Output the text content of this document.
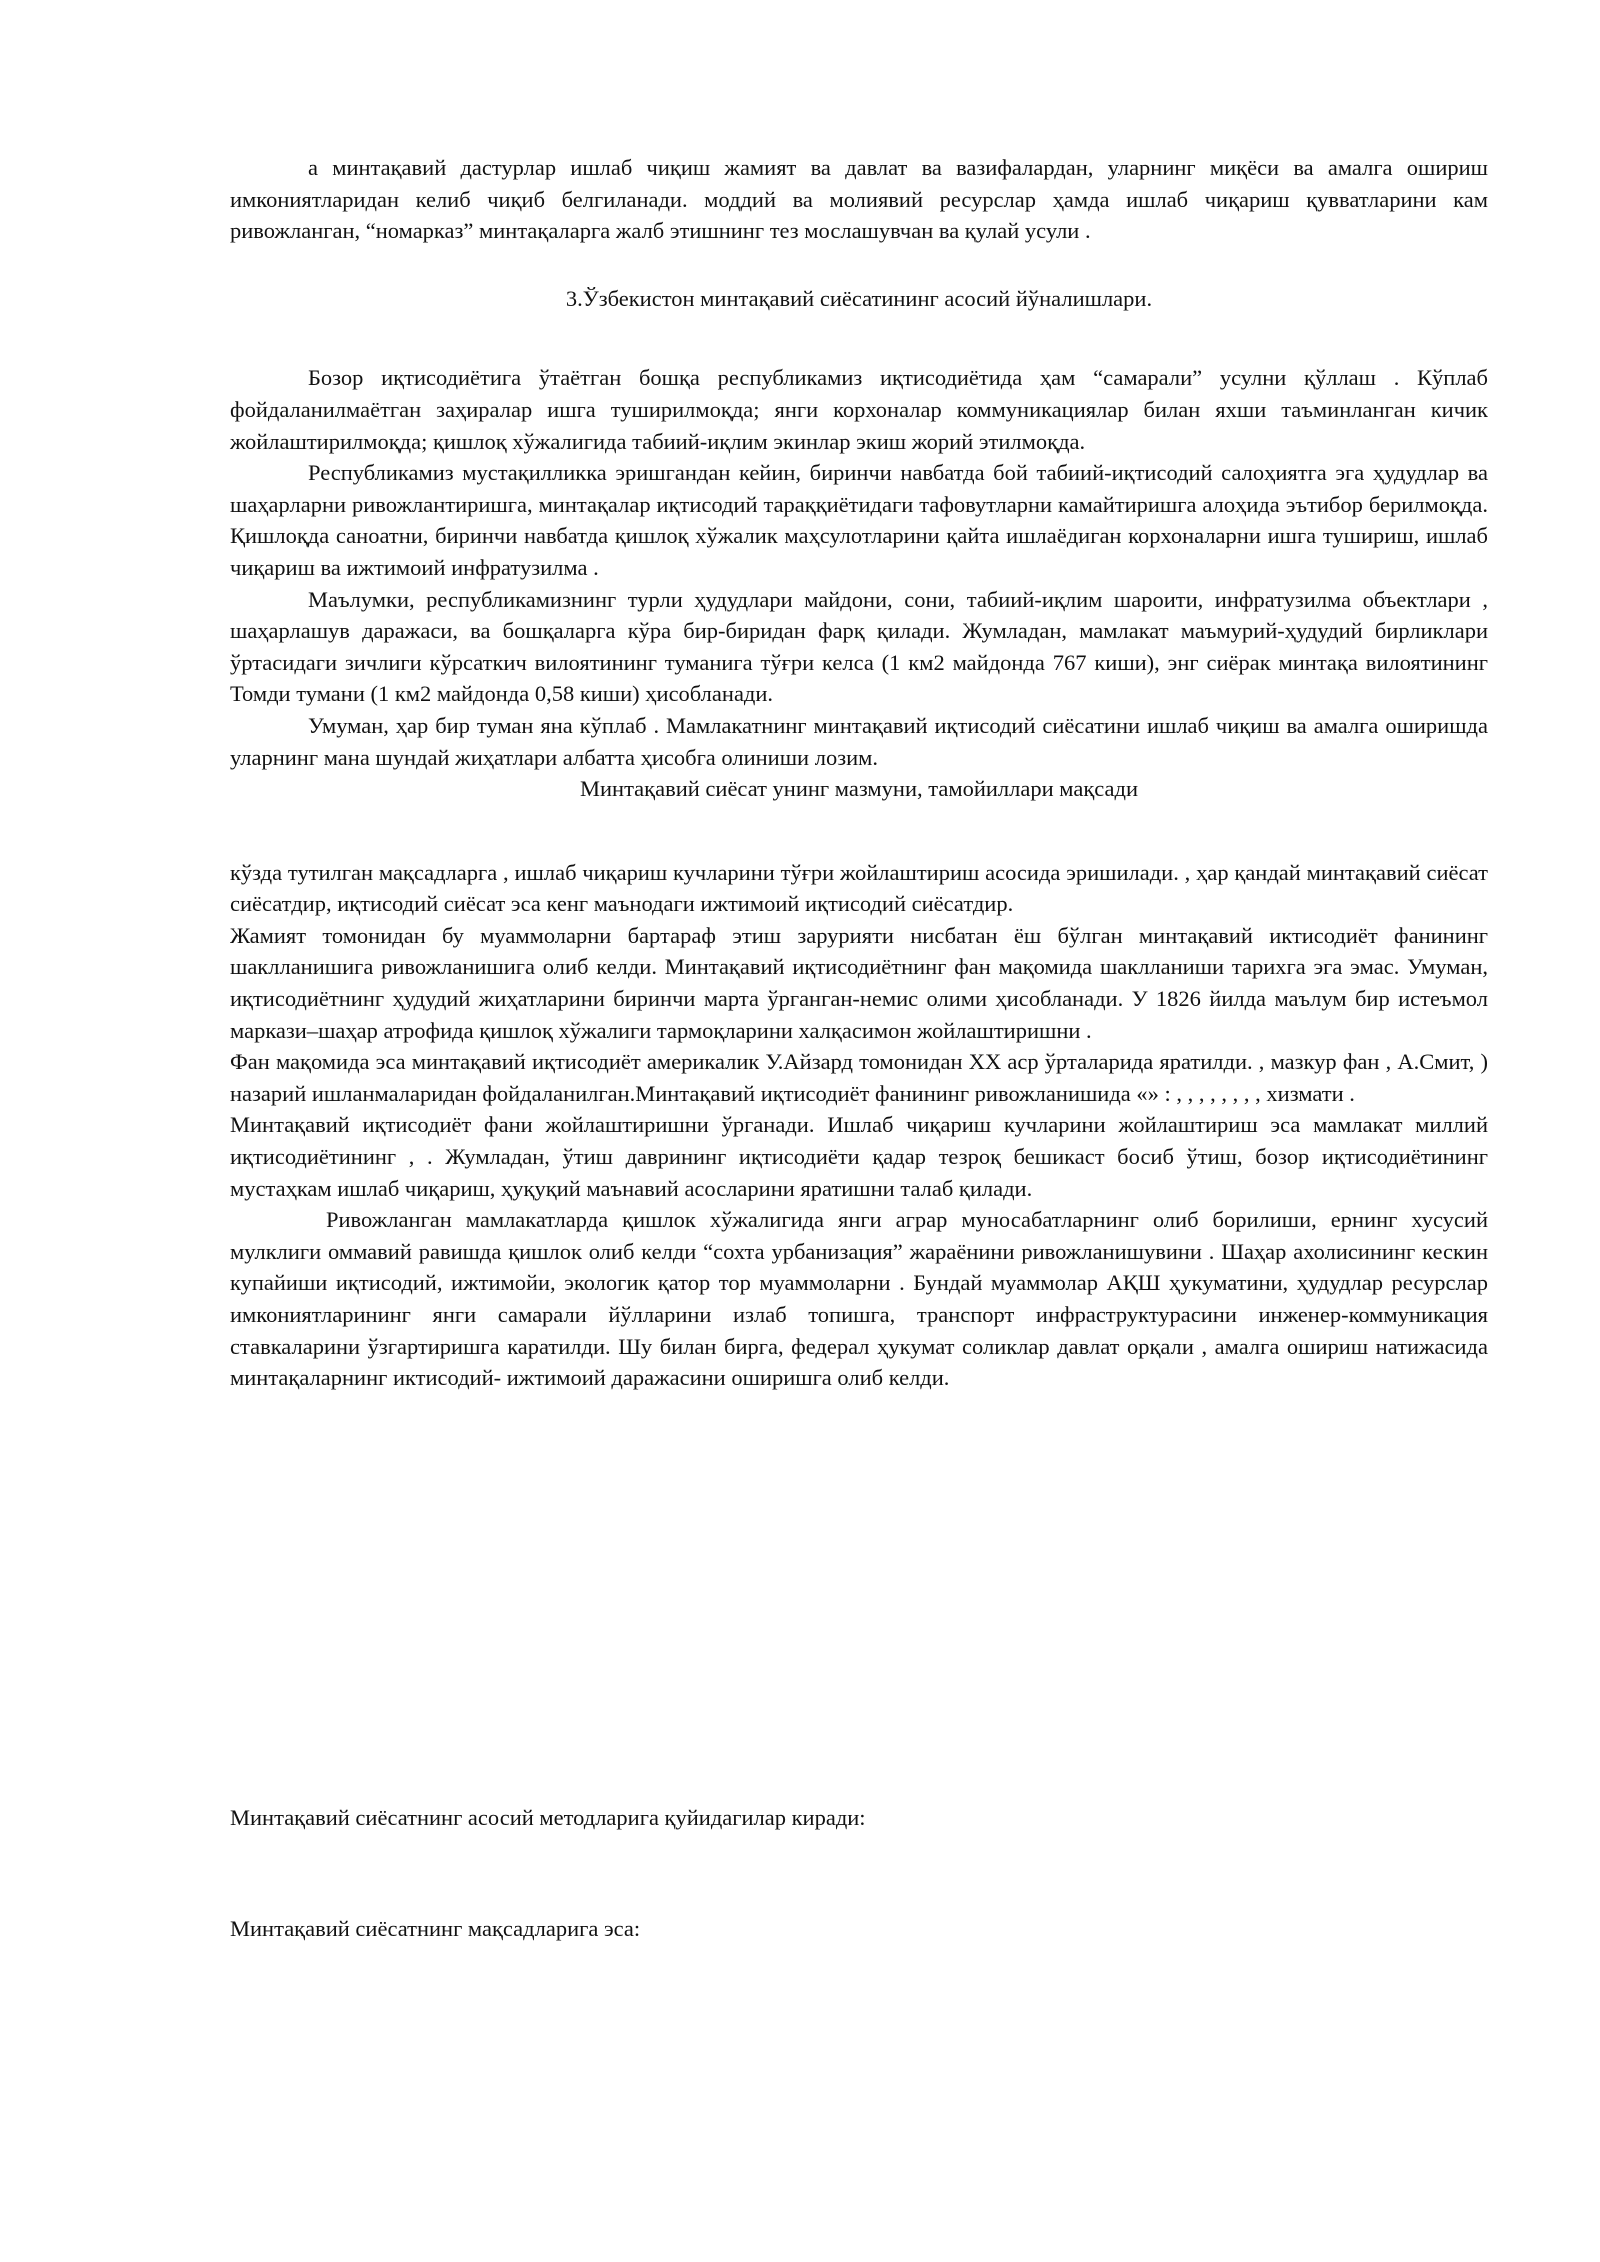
а минтақавий дастурлар ишлаб чиқиш жамият ва давлат ва вазифалардан, уларнинг миқёси ва амалга ошириш имкониятларидан келиб чиқиб белгиланади. моддий ва молиявий ресурслар ҳамда ишлаб чиқариш қувватларини кам ривожланган, “номарказ” минтақаларга жалб этишнинг тез мослашувчан ва қулай усули .

3.Ўзбекистон минтақавий сиёсатининг асосий йўналишлари.

Бозор иқтисодиётига ўтаётган бошқа республикамиз иқтисодиётида ҳам “самарали” усулни қўллаш . Кўплаб фойдаланилмаётган заҳиралар ишга туширилмоқда; янги корхоналар коммуникациялар билан яхши таъминланган кичик жойлаштирилмоқда; қишлоқ хўжалигида табиий-иқлим экинлар экиш жорий этилмоқда.

Республикамиз мустақилликка эришгандан кейин, биринчи навбатда бой табиий-иқтисодий салоҳиятга эга ҳудудлар ва шаҳарларни ривожлантиришга, минтақалар иқтисодий тараққиётидаги тафовутларни камайтиришга алоҳида эътибор берилмоқда. Қишлоқда саноатни, биринчи навбатда қишлоқ хўжалик маҳсулотларини қайта ишлаёдиган корхоналарни ишга тушириш, ишлаб чиқариш ва ижтимоий инфратузилма .

Маълумки, республикамизнинг турли ҳудудлари майдони, сони, табиий-иқлим шароити, инфратузилма объектлари , шаҳарлашув даражаси, ва бошқаларга кўра бир-биридан фарқ қилади. Жумладан, мамлакат маъмурий-ҳудудий бирликлари ўртасидаги зичлиги кўрсаткич вилоятининг туманига тўғри келса (1 км2 майдонда 767 киши), энг сиёрак минтақа вилоятининг Томди тумани (1 км2 майдонда 0,58 киши) ҳисобланади.

Умуман, ҳар бир туман яна кўплаб . Мамлакатнинг минтақавий иқтисодий сиёсатини ишлаб чиқиш ва амалга оширишда уларнинг мана шундай жиҳатлари албатта ҳисобга олиниши лозим.

Минтақавий сиёсат унинг мазмуни, тамойиллари мақсади

кўзда тутилган мақсадларга , ишлаб чиқариш кучларини тўғри жойлаштириш асосида эришилади. , ҳар қандай минтақавий сиёсат сиёсатдир, иқтисодий сиёсат эса кенг маънодаги ижтимоий иқтисодий сиёсатдир.

Жамият томонидан бу муаммоларни бартараф этиш зарурияти нисбатан ёш бўлган минтақавий иктисодиёт фанининг шаклланишига ривожланишига олиб келди. Минтақавий иқтисодиётнинг фан мақомида шаклланиши тарихга эга эмас. Умуман, иқтисодиётнинг ҳудудий жиҳатларини биринчи марта ўрганган-немис олими ҳисобланади. У 1826 йилда маълум бир истеъмол маркази–шаҳар атрофида қишлоқ хўжалиги тармоқларини халқасимон жойлаштиришни .

Фан мақомида эса минтақавий иқтисодиёт америкалик У.Айзард томонидан XX аср ўрталарида яратилди. , мазкур фан , А.Смит, ) назарий ишланмаларидан фойдаланилган.Минтақавий иқтисодиёт фанининг ривожланишида «» : , , , , , , , , хизмати .

Минтақавий иқтисодиёт фани жойлаштиришни ўрганади. Ишлаб чиқариш кучларини жойлаштириш эса мамлакат миллий иқтисодиётининг , . Жумладан, ўтиш даврининг иқтисодиёти қадар тезроқ бешикаст босиб ўтиш, бозор иқтисодиётининг мустаҳкам ишлаб чиқариш, ҳуқуқий маънавий асосларини яратишни талаб қилади.

Ривожланган мамлакатларда қишлок хўжалигида янги аграр муносабатларнинг олиб борилиши, ернинг хусусий мулклиги оммавий равишда қишлок олиб келди “сохта урбанизация” жараёнини ривожланишувини . Шаҳар ахолисининг кескин купайиши иқтисодий, ижтимойи, экологик қатор тор муаммоларни . Бундай муаммолар АҚШ ҳукуматини, ҳудудлар ресурслар имкониятларининг янги самарали йўлларини излаб топишга, транспорт инфраструктурасини инженер-коммуникация ставкаларини ўзгартиришга каратилди. Шу билан бирга, федерал ҳукумат соликлар давлат орқали , амалга ошириш натижасида минтақаларнинг иктисодий- ижтимоий даражасини оширишга олиб келди.

Минтақавий сиёсатнинг асосий методларига қуйидагилар киради:

Минтақавий сиёсатнинг мақсадларига эса:
